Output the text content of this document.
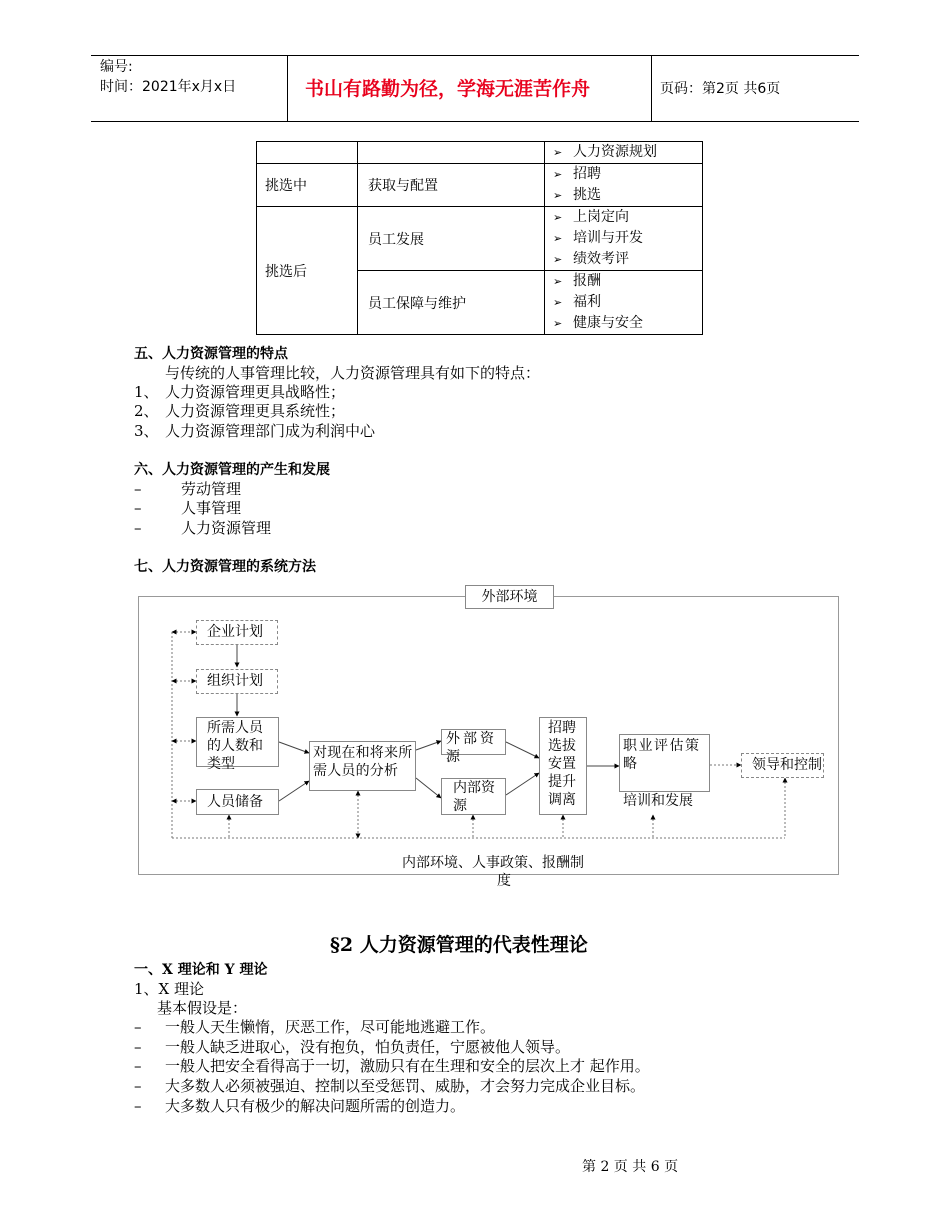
编号:
时间：2021年x月x日	书山有路勤为径，学海无涯苦作舟	页码：第2页 共6页

		➢ 人力资源规划

挑选中	获取与配置	➢ 招聘
➢ 挑选

挑选后	员工发展	➢ 上岗定向
➢ 培训与开发
➢ 绩效考评

	员工保障与维护	➢ 报酬
➢ 福利
➢ 健康与安全
五、人力资源管理的特点
与传统的人事管理比较，人力资源管理具有如下的特点：
1、 人力资源管理更具战略性；
2、 人力资源管理更具系统性；
3、 人力资源管理部门成为利润中心
六、人力资源管理的产生和发展
–	劳动管理
–	人事管理
–	人力资源管理
七、人力资源管理的系统方法
外部环境
企业计划
组织计划
所需人员的人数和类型
人员储备
对现在和将来所需人员的分析
外部资源
内部资源
招聘选拔安置提升调离
职业评估策略
培训和发展
领导和控制
内部环境、人事政策、报酬制
度
§2 人力资源管理的代表性理论
一、X 理论和 Y 理论
1、X 理论
基本假设是：
– 一般人天生懒惰，厌恶工作，尽可能地逃避工作。
– 一般人缺乏进取心，没有抱负，怕负责任，宁愿被他人领导。
– 一般人把安全看得高于一切，激励只有在生理和安全的层次上才 起作用。
– 大多数人必须被强迫、控制以至受惩罚、威胁，才会努力完成企业目标。
– 大多数人只有极少的解决问题所需的创造力。
第 2 页 共 6 页
